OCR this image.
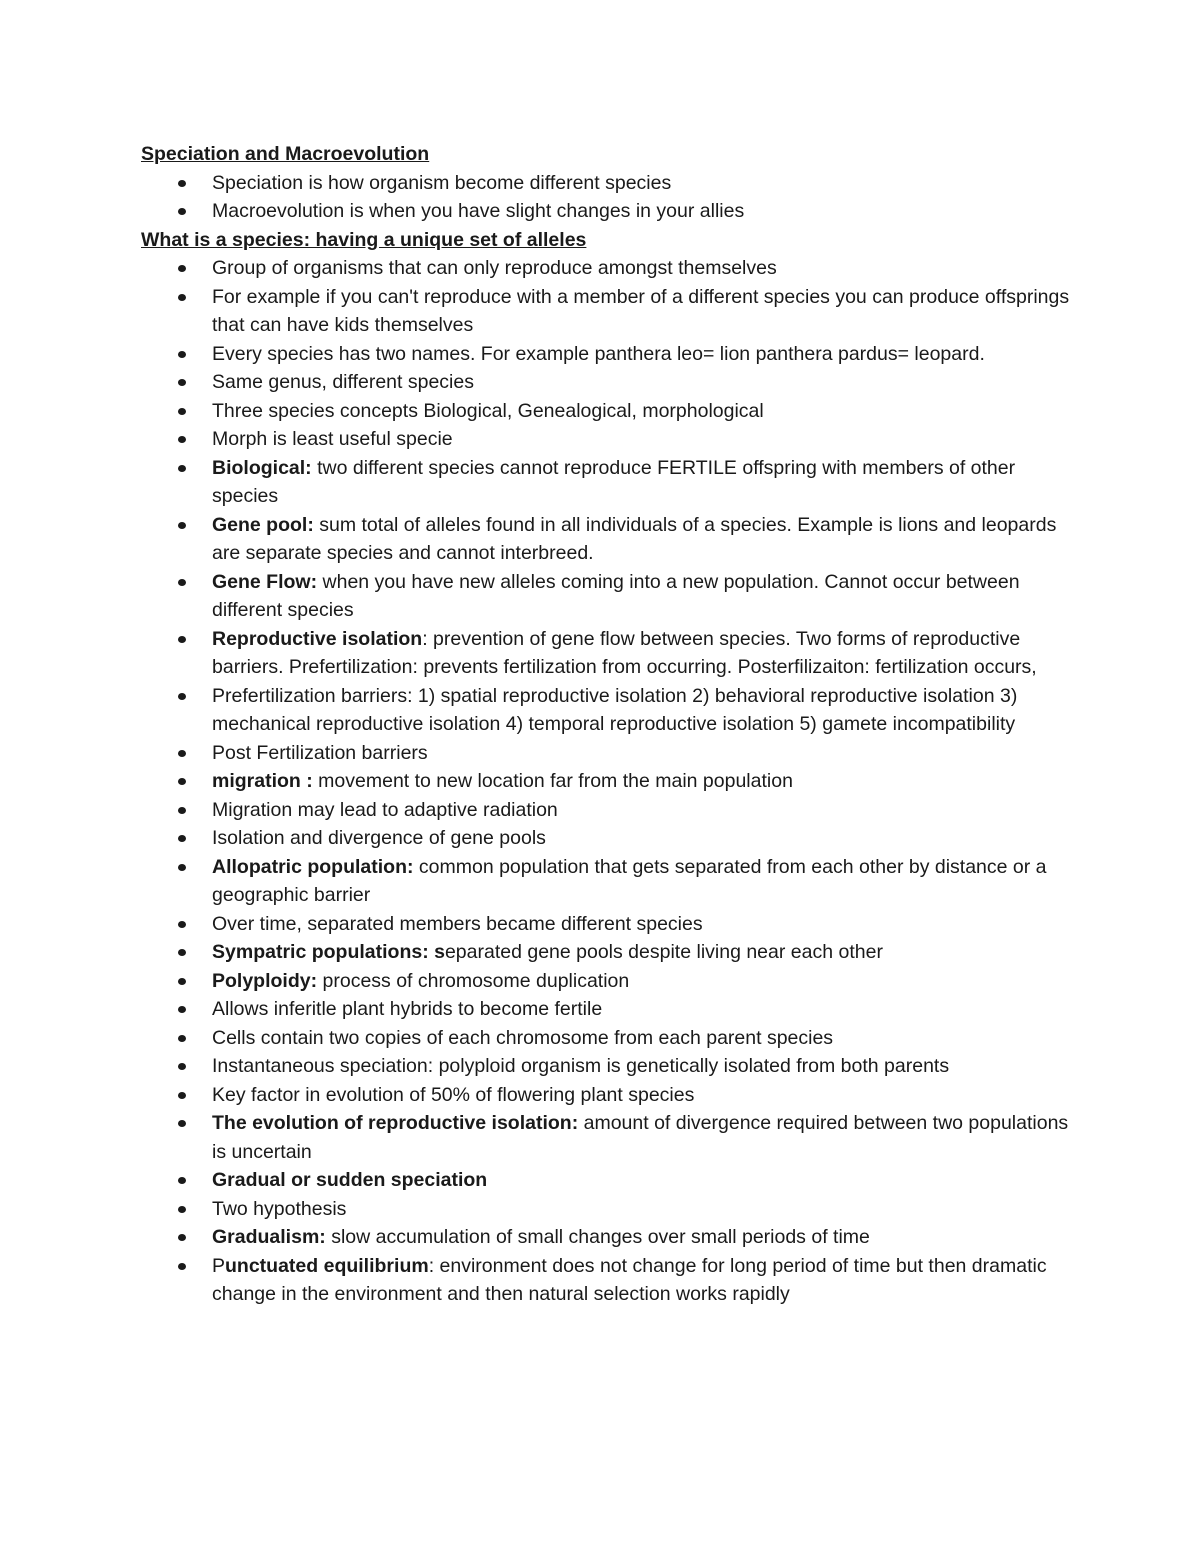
Speciation and Macroevolution
Speciation is how organism become different species
Macroevolution is when you have slight changes in your allies
What is a species: having a unique set of alleles
Group of organisms that can only reproduce amongst themselves
For example if you can't reproduce with a member of a different species you can produce offsprings that can have kids themselves
Every species has two names. For example panthera leo= lion panthera pardus= leopard.
Same genus, different species
Three species concepts Biological, Genealogical, morphological
Morph is least useful specie
Biological: two different species cannot reproduce FERTILE offspring with members of other species
Gene pool: sum total of alleles found in all individuals of a species. Example is lions and leopards are separate species and cannot interbreed.
Gene Flow: when you have new alleles coming into a new population. Cannot occur between different species
Reproductive isolation: prevention of gene flow between species. Two forms of reproductive barriers. Prefertilization: prevents fertilization from occurring. Posterfilizaiton: fertilization occurs,
Prefertilization barriers: 1) spatial reproductive isolation 2) behavioral reproductive isolation 3) mechanical reproductive isolation 4) temporal reproductive isolation 5) gamete incompatibility
Post Fertilization barriers
migration : movement to new location far from the main population
Migration may lead to adaptive radiation
Isolation and divergence of gene pools
Allopatric population: common population that gets separated from each other by distance or a geographic barrier
Over time, separated members became different species
Sympatric populations: separated gene pools despite living near each other
Polyploidy: process of chromosome duplication
Allows inferitle plant hybrids to become fertile
Cells contain two copies of each chromosome from each parent species
Instantaneous speciation: polyploid organism is genetically isolated from both parents
Key factor in evolution of 50% of flowering plant species
The evolution of reproductive isolation: amount of divergence required between two populations is uncertain
Gradual or sudden speciation
Two hypothesis
Gradualism: slow accumulation of small changes over small periods of time
Punctuated equilibrium: environment does not change for long period of time but then dramatic change in the environment and then natural selection works rapidly
